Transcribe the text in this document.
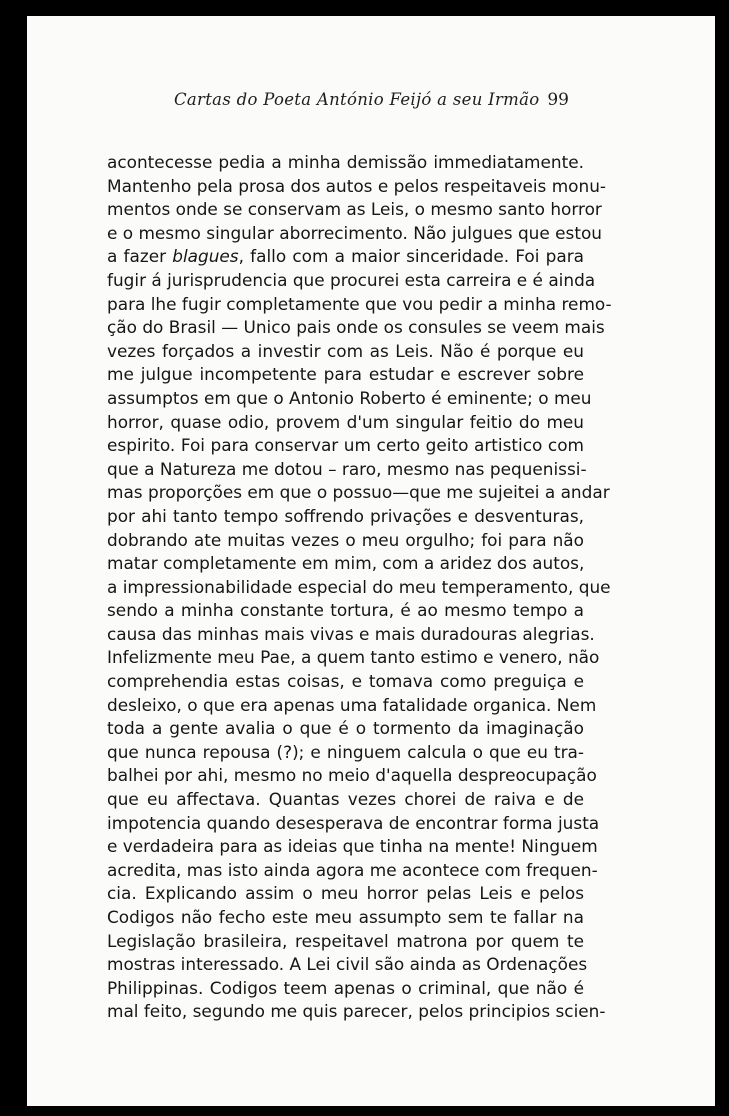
Cartas do Poeta António Feijó a seu Irmão 99
acontecesse pedia a minha demissão immediatamente.
Mantenho pela prosa dos autos e pelos respeitaveis monu-
mentos onde se conservam as Leis, o mesmo santo horror
e o mesmo singular aborrecimento. Não julgues que estou
a fazer blagues, fallo com a maior sinceridade. Foi para
fugir á jurisprudencia que procurei esta carreira e é ainda
para lhe fugir completamente que vou pedir a minha remo-
ção do Brasil — Unico pais onde os consules se veem mais
vezes forçados a investir com as Leis. Não é porque eu
me julgue incompetente para estudar e escrever sobre
assumptos em que o Antonio Roberto é eminente; o meu
horror, quase odio, provem d'um singular feitio do meu
espirito. Foi para conservar um certo geito artistico com
que a Natureza me dotou – raro, mesmo nas pequenissi-
mas proporções em que o possuo—que me sujeitei a andar
por ahi tanto tempo soffrendo privações e desventuras,
dobrando ate muitas vezes o meu orgulho; foi para não
matar completamente em mim, com a aridez dos autos,
a impressionabilidade especial do meu temperamento, que
sendo a minha constante tortura, é ao mesmo tempo a
causa das minhas mais vivas e mais duradouras alegrias.
Infelizmente meu Pae, a quem tanto estimo e venero, não
comprehendia estas coisas, e tomava como preguiça e
desleixo, o que era apenas uma fatalidade organica. Nem
toda a gente avalia o que é o tormento da imaginação
que nunca repousa (?); e ninguem calcula o que eu tra-
balhei por ahi, mesmo no meio d'aquella despreocupação
que eu affectava. Quantas vezes chorei de raiva e de
impotencia quando desesperava de encontrar forma justa
e verdadeira para as ideias que tinha na mente! Ninguem
acredita, mas isto ainda agora me acontece com frequen-
cia. Explicando assim o meu horror pelas Leis e pelos
Codigos não fecho este meu assumpto sem te fallar na
Legislação brasileira, respeitavel matrona por quem te
mostras interessado. A Lei civil são ainda as Ordenações
Philippinas. Codigos teem apenas o criminal, que não é
mal feito, segundo me quis parecer, pelos principios scien-
